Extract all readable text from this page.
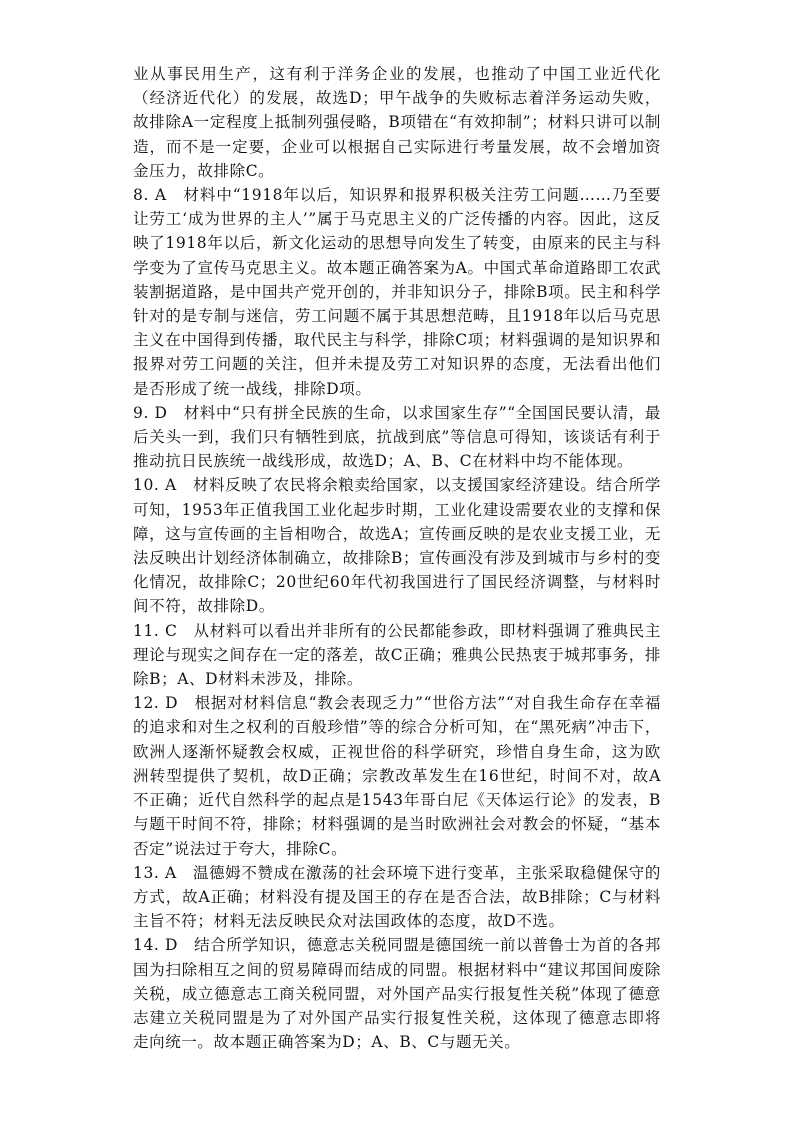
业从事民用生产，这有利于洋务企业的发展，也推动了中国工业近代化（经济近代化）的发展，故选D；甲午战争的失败标志着洋务运动失败，故排除A一定程度上抵制列强侵略，B项错在“有效抑制”；材料只讲可以制造，而不是一定要，企业可以根据自己实际进行考量发展，故不会增加资金压力，故排除C。

8. A　材料中“1918年以后，知识界和报界积极关注劳工问题……乃至要让劳工‘成为世界的主人’”属于马克思主义的广泛传播的内容。因此，这反映了1918年以后，新文化运动的思想导向发生了转变，由原来的民主与科学变为了宣传马克思主义。故本题正确答案为A。中国式革命道路即工农武装割据道路，是中国共产党开创的，并非知识分子，排除B项。民主和科学针对的是专制与迷信，劳工问题不属于其思想范畴，且1918年以后马克思主义在中国得到传播，取代民主与科学，排除C项；材料强调的是知识界和报界对劳工问题的关注，但并未提及劳工对知识界的态度，无法看出他们是否形成了统一战线，排除D项。

9. D　材料中“只有拼全民族的生命，以求国家生存”“全国国民要认清，最后关头一到，我们只有牺牲到底，抗战到底”等信息可得知，该谈话有利于推动抗日民族统一战线形成，故选D；A、B、C在材料中均不能体现。

10. A　材料反映了农民将余粮卖给国家，以支援国家经济建设。结合所学可知，1953年正值我国工业化起步时期，工业化建设需要农业的支撑和保障，这与宣传画的主旨相吻合，故选A；宣传画反映的是农业支援工业，无法反映出计划经济体制确立，故排除B；宣传画没有涉及到城市与乡村的变化情况，故排除C；20世纪60年代初我国进行了国民经济调整，与材料时间不符，故排除D。

11. C　从材料可以看出并非所有的公民都能参政，即材料强调了雅典民主理论与现实之间存在一定的落差，故C正确；雅典公民热衷于城邦事务，排除B；A、D材料未涉及，排除。

12. D　根据对材料信息“教会表现乏力”“世俗方法”“对自我生命存在幸福的追求和对生之权利的百般珍惜”等的综合分析可知，在“黑死病”冲击下，欧洲人逐渐怀疑教会权威，正视世俗的科学研究，珍惜自身生命，这为欧洲转型提供了契机，故D正确；宗教改革发生在16世纪，时间不对，故A不正确；近代自然科学的起点是1543年哥白尼《天体运行论》的发表，B与题干时间不符，排除；材料强调的是当时欧洲社会对教会的怀疑，“基本否定”说法过于夸大，排除C。

13. A　温德姆不赞成在激荡的社会环境下进行变革，主张采取稳健保守的方式，故A正确；材料没有提及国王的存在是否合法，故B排除；C与材料主旨不符；材料无法反映民众对法国政体的态度，故D不选。

14. D　结合所学知识，德意志关税同盟是德国统一前以普鲁士为首的各邦国为扫除相互之间的贸易障碍而结成的同盟。根据材料中“建议邦国间废除关税，成立德意志工商关税同盟，对外国产品实行报复性关税”体现了德意志建立关税同盟是为了对外国产品实行报复性关税，这体现了德意志即将走向统一。故本题正确答案为D；A、B、C与题无关。
